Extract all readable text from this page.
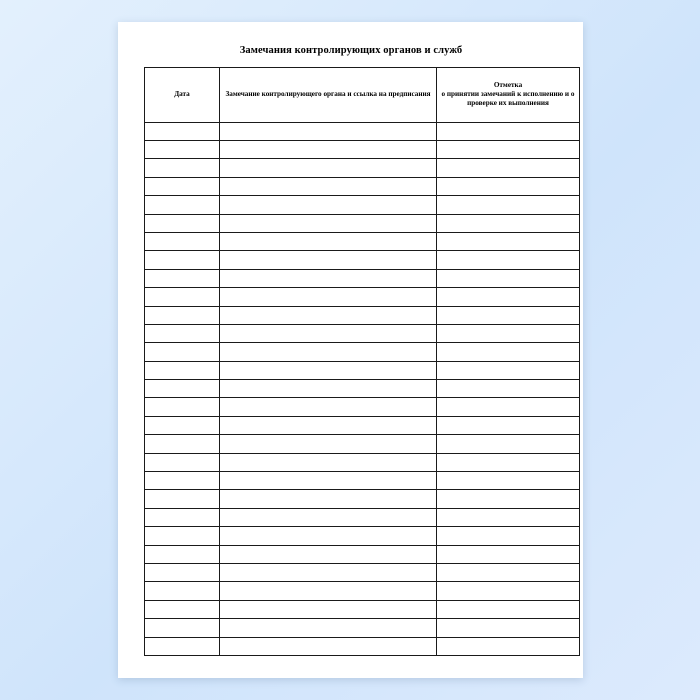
Замечания контролирующих органов и служб
Дата	Замечание контролирующего органа и ссылка на предписания	Отметка
о принятии замечаний к исполнению и о проверке их выполнения
